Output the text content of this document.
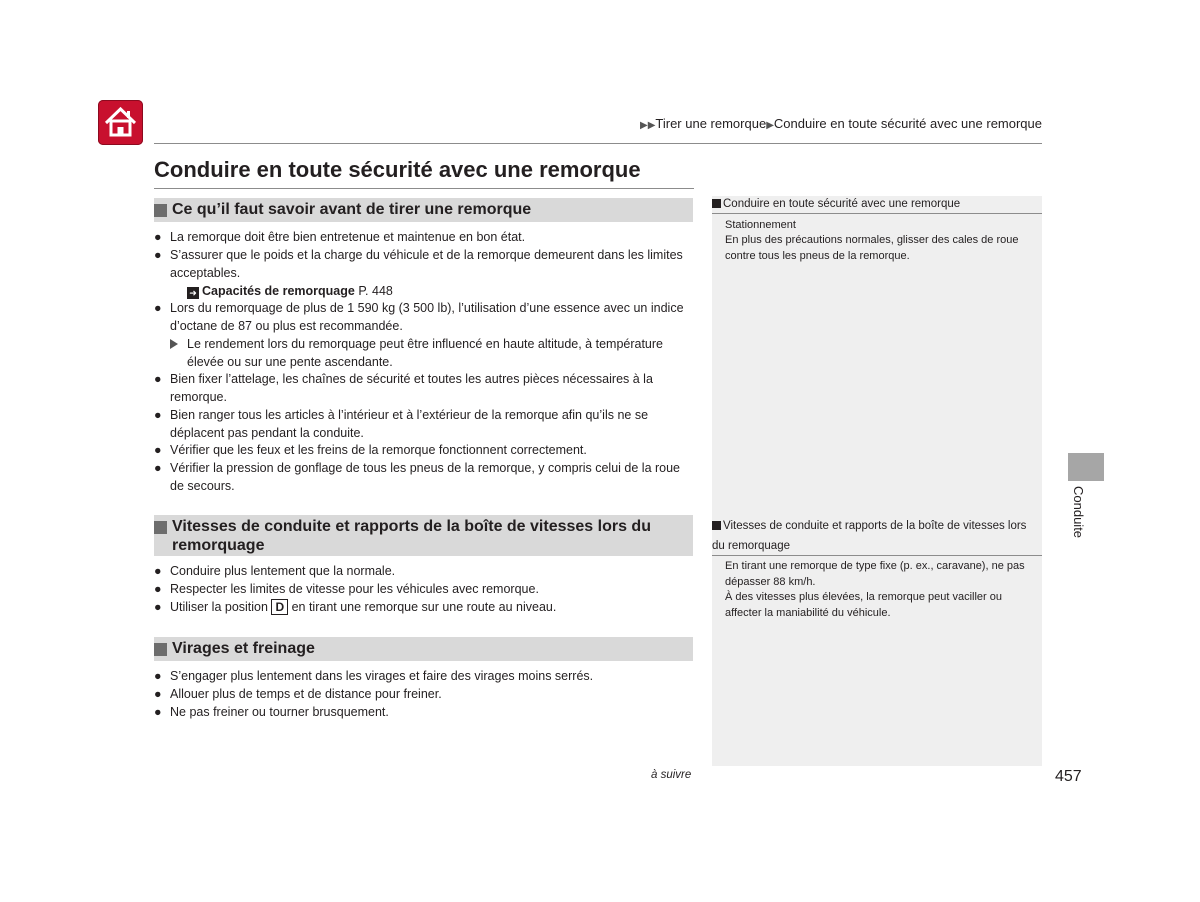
▶▶Tirer une remorque▶Conduire en toute sécurité avec une remorque
Conduire en toute sécurité avec une remorque
Ce qu’il faut savoir avant de tirer une remorque
● La remorque doit être bien entretenue et maintenue en bon état.
● S’assurer que le poids et la charge du véhicule et de la remorque demeurent dans les limites acceptables.
➜ Capacités de remorquage P. 448
● Lors du remorquage de plus de 1 590 kg (3 500 lb), l’utilisation d’une essence avec un indice d’octane de 87 ou plus est recommandée.
Le rendement lors du remorquage peut être influencé en haute altitude, à température élevée ou sur une pente ascendante.
● Bien fixer l’attelage, les chaînes de sécurité et toutes les autres pièces nécessaires à la remorque.
● Bien ranger tous les articles à l’intérieur et à l’extérieur de la remorque afin qu’ils ne se déplacent pas pendant la conduite.
● Vérifier que les feux et les freins de la remorque fonctionnent correctement.
● Vérifier la pression de gonflage de tous les pneus de la remorque, y compris celui de la roue de secours.
Vitesses de conduite et rapports de la boîte de vitesses lors du remorquage
● Conduire plus lentement que la normale.
● Respecter les limites de vitesse pour les véhicules avec remorque.
● Utiliser la position D en tirant une remorque sur une route au niveau.
Virages et freinage
● S’engager plus lentement dans les virages et faire des virages moins serrés.
● Allouer plus de temps et de distance pour freiner.
● Ne pas freiner ou tourner brusquement.
Conduire en toute sécurité avec une remorque
Stationnement
En plus des précautions normales, glisser des cales de roue contre tous les pneus de la remorque.
Vitesses de conduite et rapports de la boîte de vitesses lors du remorquage
En tirant une remorque de type fixe (p. ex., caravane), ne pas dépasser 88 km/h.
À des vitesses plus élevées, la remorque peut vaciller ou affecter la maniabilité du véhicule.
Conduite
à suivre	457
